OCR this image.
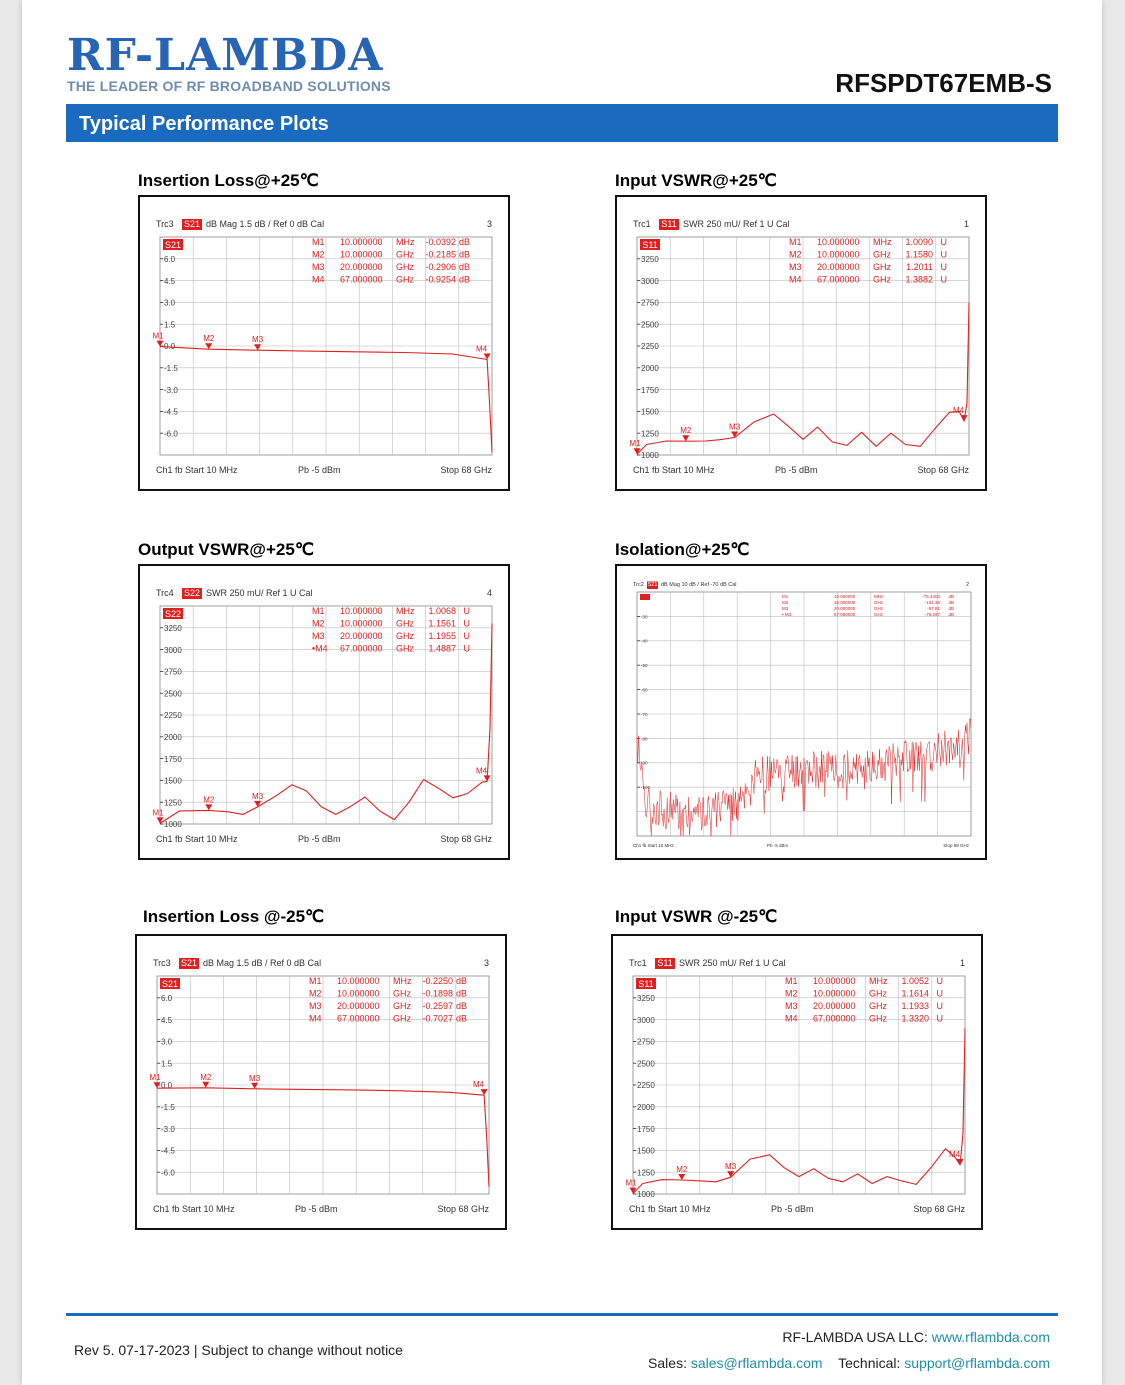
RF-LAMBDA
THE LEADER OF RF BROADBAND SOLUTIONS	RFSPDT67EMB-S
Typical Performance Plots
Insertion Loss@+25℃	Input VSWR@+25℃
Output VSWR@+25℃	Isolation@+25℃
Insertion Loss @-25℃	Input VSWR @-25℃
Trc3 S21 dB Mag 1.5 dB / Ref 0 dB Cal	3
S21
6.0
4.5
3.0
1.5
0.0
-1.5
-3.0
-4.5
-6.0
M1 10.000000 MHz -0.0392 dB
M2 10.000000 GHz -0.2185 dB
M3 20.000000 GHz -0.2906 dB
M4 67.000000 GHz -0.9254 dB
M1	M2	M3
M4
Ch1 fb Start 10 MHz	Pb -5 dBm	Stop 68 GHz
Trc1 S11 SWR 250 mU/ Ref 1 U Cal	1
S11
3250
3000
2750
2500
2250
2000
1750
1500
1250
1000
M1 10.000000 MHz 1.0090 U
M2 10.000000 GHz 1.1580 U
M3 20.000000 GHz 1.2011 U
M4 67.000000 GHz 1.3882 U
M1
M2	M3
M4
Ch1 fb Start 10 MHz	Pb -5 dBm	Stop 68 GHz
Trc4 S22 SWR 250 mU/ Ref 1 U Cal	4
S22
3250
3000
2750
2500
2250
2000
1750
1500
1250
1000
M1 10.000000 MHz 1.0068 U
M2 10.000000 GHz 1.1561 U
M3 20.000000 GHz 1.1955 U
•M4 67.000000 GHz 1.4887 U
M1
M2	M3
M4
Ch1 fb Start 10 MHz	Pb -5 dBm	Stop 68 GHz
Trc2 S21 dB Mag 10 dB / Ref -70 dB Cal	2
-30
-40
-50
-60
-70
-80
-90
-100
M1	10.000000	MHz	-75.4403 dB
M2	10.000000	GHz	-101.36 dB
M3	20.000000	GHz	-97.81 dB
• M4	67.000000	GHz	-75.297 dB
Ch1 fb Start 10 MHz	Pb -5 dBm	Stop 68 GHz
Trc3 S21 dB Mag 1.5 dB / Ref 0 dB Cal	3
S21
6.0
4.5
3.0
1.5
0.0
-1.5
-3.0
-4.5
-6.0
M1 10.000000 MHz -0.2250 dB
M2 10.000000 GHz -0.1898 dB
M3 20.000000 GHz -0.2597 dB
M4 67.000000 GHz -0.7027 dB
M1	M2	M3
M4
Ch1 fb Start 10 MHz	Pb -5 dBm	Stop 68 GHz
Trc1 S11 SWR 250 mU/ Ref 1 U Cal	1
S11
3250
3000
2750
2500
2250
2000
1750
1500
1250
1000
M1 10.000000 MHz 1.0052 U
M2 10.000000 GHz 1.1614 U
M3 20.000000 GHz 1.1933 U
M4 67.000000 GHz 1.3320 U
M1
M2	M3
M4
Ch1 fb Start 10 MHz	Pb -5 dBm	Stop 68 GHz
Rev 5. 07-17-2023 | Subject to change without notice
RF-LAMBDA USA LLC: www.rflambda.com
Sales: sales@rflambda.com Technical: support@rflambda.com
